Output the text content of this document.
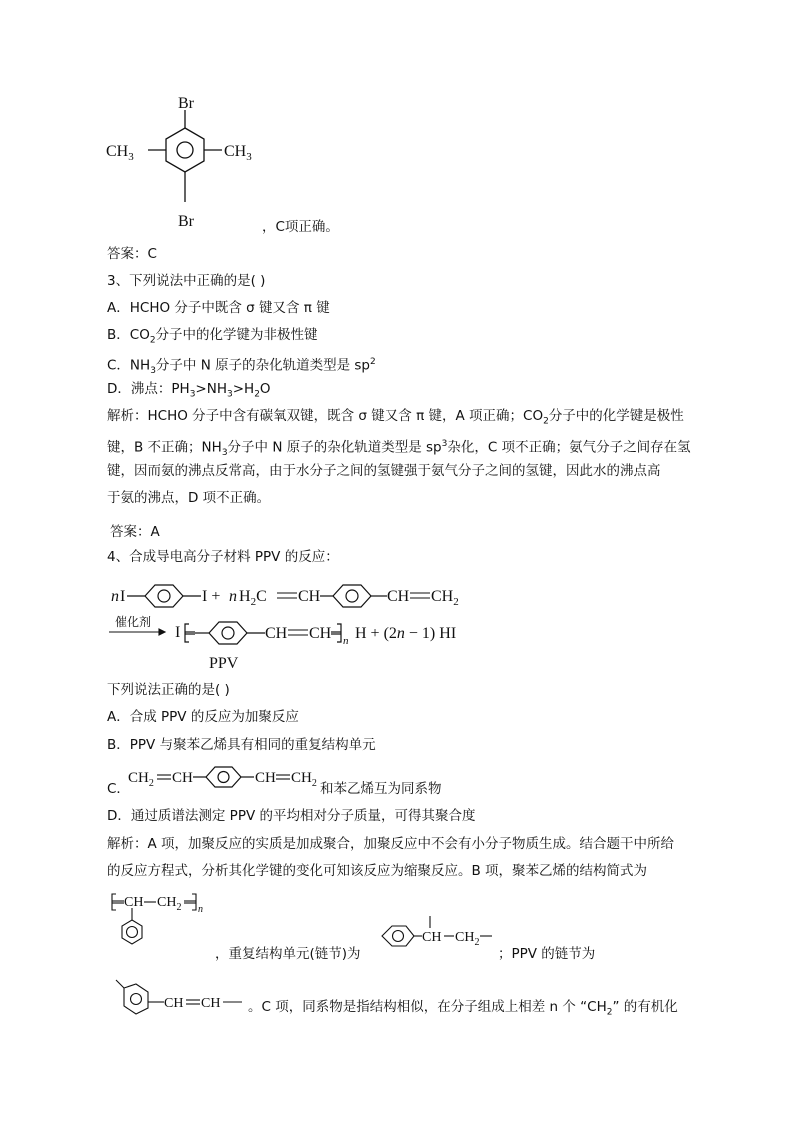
Br
Br
$CH_3$	$CH_3$
，C项正确。
答案：C
3、下列说法中正确的是( )
A．HCHO 分子中既含 σ 键又含 π 键
B．$CO_2$分子中的化学键为非极性键
C．$NH_3$分子中 N 原子的杂化轨道类型是 $sp^2$
D．沸点：$PH_3>NH_3>H_2O$
解析：HCHO 分子中含有碳氧双键，既含 σ 键又含 π 键，A 项正确；$CO_2$分子中的化学键是极性
键，B 不正确；$NH_3$分子中 N 原子的杂化轨道类型是 $sp^3$杂化，C 项不正确；氨气分子之间存在氢
键，因而氨的沸点反常高，由于水分子之间的氢键强于氨气分子之间的氢键，因此水的沸点高
于氨的沸点，D 项不正确。
答案：A
4、合成导电高分子材料 PPV 的反应：
n I	I + n $H_2C$ CH	CH $CH_2$
催化剂
I	CH CH n H + (2n − 1) HI
PPV
下列说法正确的是( )
A．合成 PPV 的反应为加聚反应
B．PPV 与聚苯乙烯具有相同的重复结构单元
C．
$CH_2$ CH	CH $CH_2$ 和苯乙烯互为同系物
D．通过质谱法测定 PPV 的平均相对分子质量，可得其聚合度
解析：A 项，加聚反应的实质是加成聚合，加聚反应中不会有小分子物质生成。结合题干中所给
的反应方程式，分析其化学键的变化可知该反应为缩聚反应。B 项，聚苯乙烯的结构简式为
CH $CH_2$ n
，重复结构单元(链节)为
CH $CH_2$
；PPV 的链节为
CH CH 。C 项，同系物是指结构相似，在分子组成上相差 n 个 “$CH_2$” 的有机化
